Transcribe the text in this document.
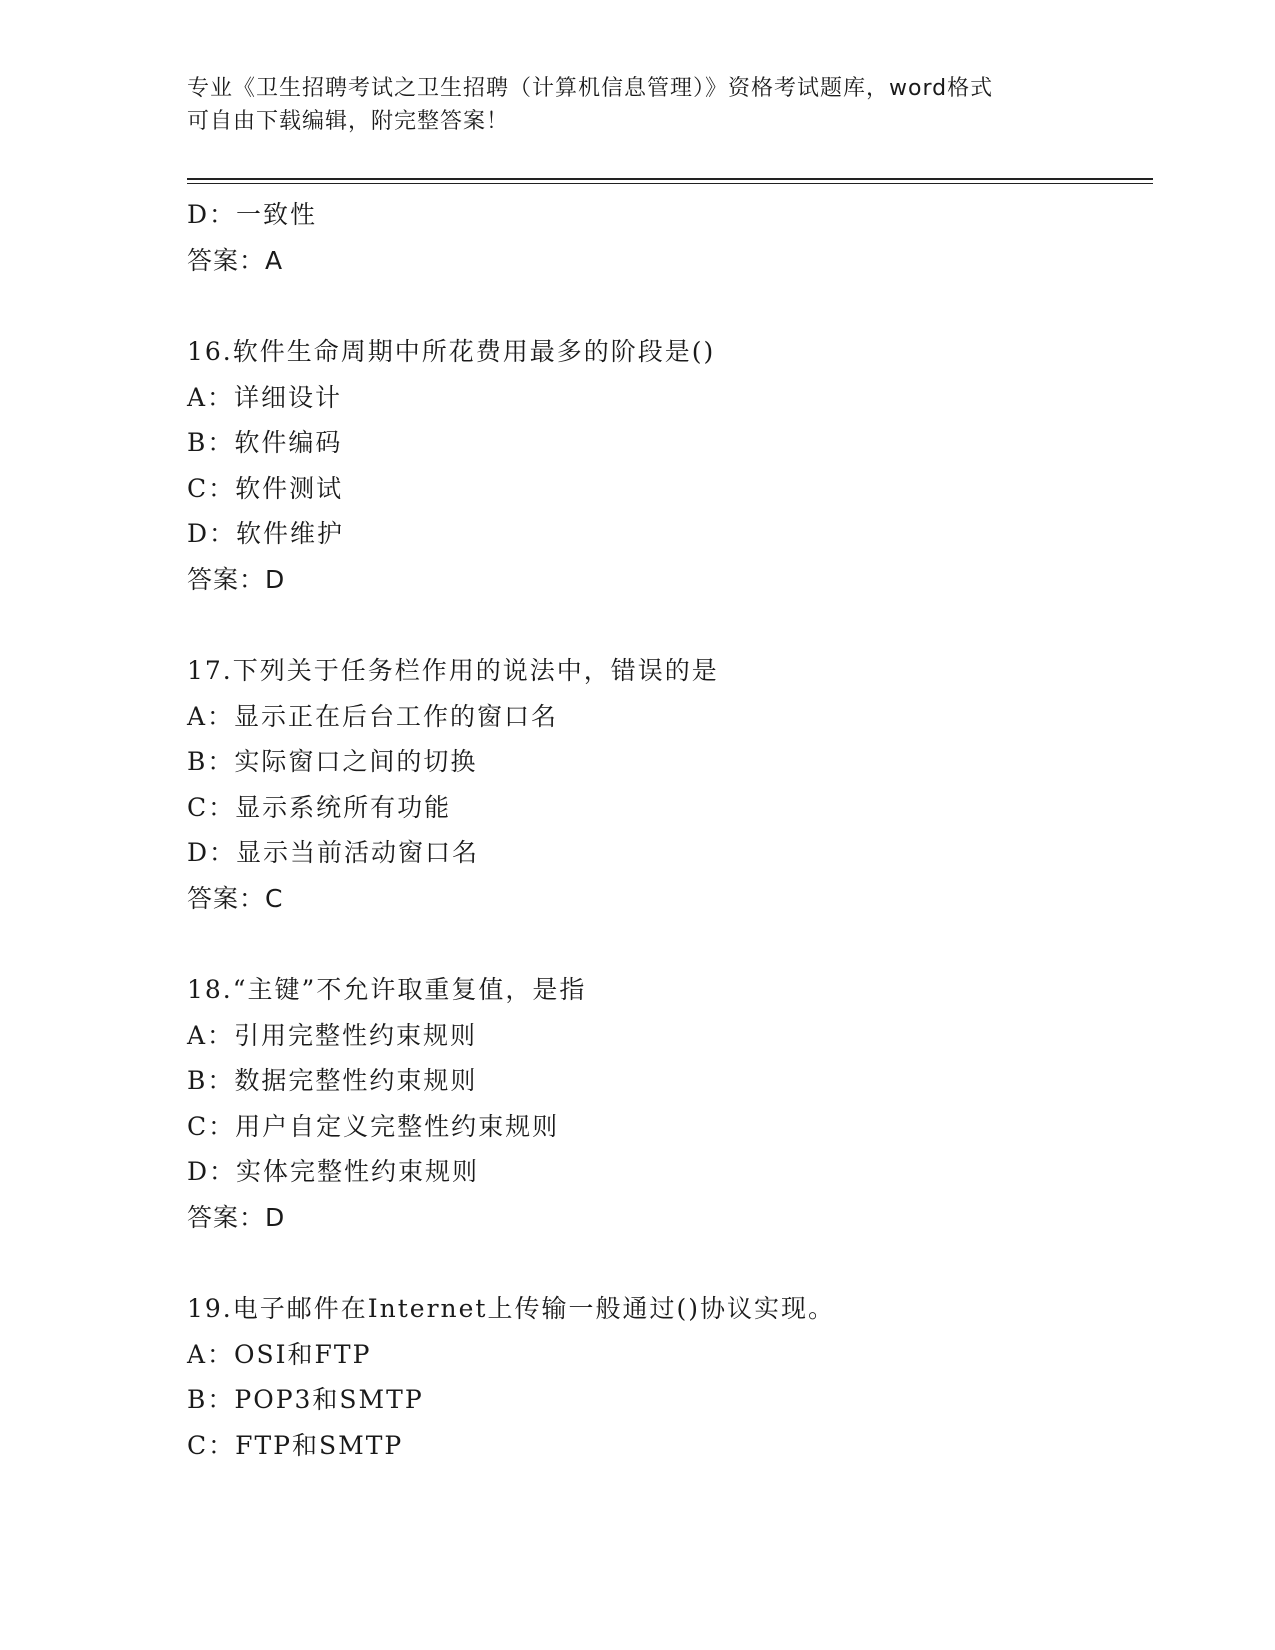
专业《卫生招聘考试之卫生招聘（计算机信息管理）》资格考试题库，word格式
可自由下载编辑，附完整答案！
D：一致性
答案：A
16.软件生命周期中所花费用最多的阶段是()
A：详细设计
B：软件编码
C：软件测试
D：软件维护
答案：D
17.下列关于任务栏作用的说法中，错误的是
A：显示正在后台工作的窗口名
B：实际窗口之间的切换
C：显示系统所有功能
D：显示当前活动窗口名
答案：C
18.“主键”不允许取重复值，是指
A：引用完整性约束规则
B：数据完整性约束规则
C：用户自定义完整性约束规则
D：实体完整性约束规则
答案：D
19.电子邮件在Internet上传输一般通过()协议实现。
A：OSI和FTP
B：POP3和SMTP
C：FTP和SMTP
